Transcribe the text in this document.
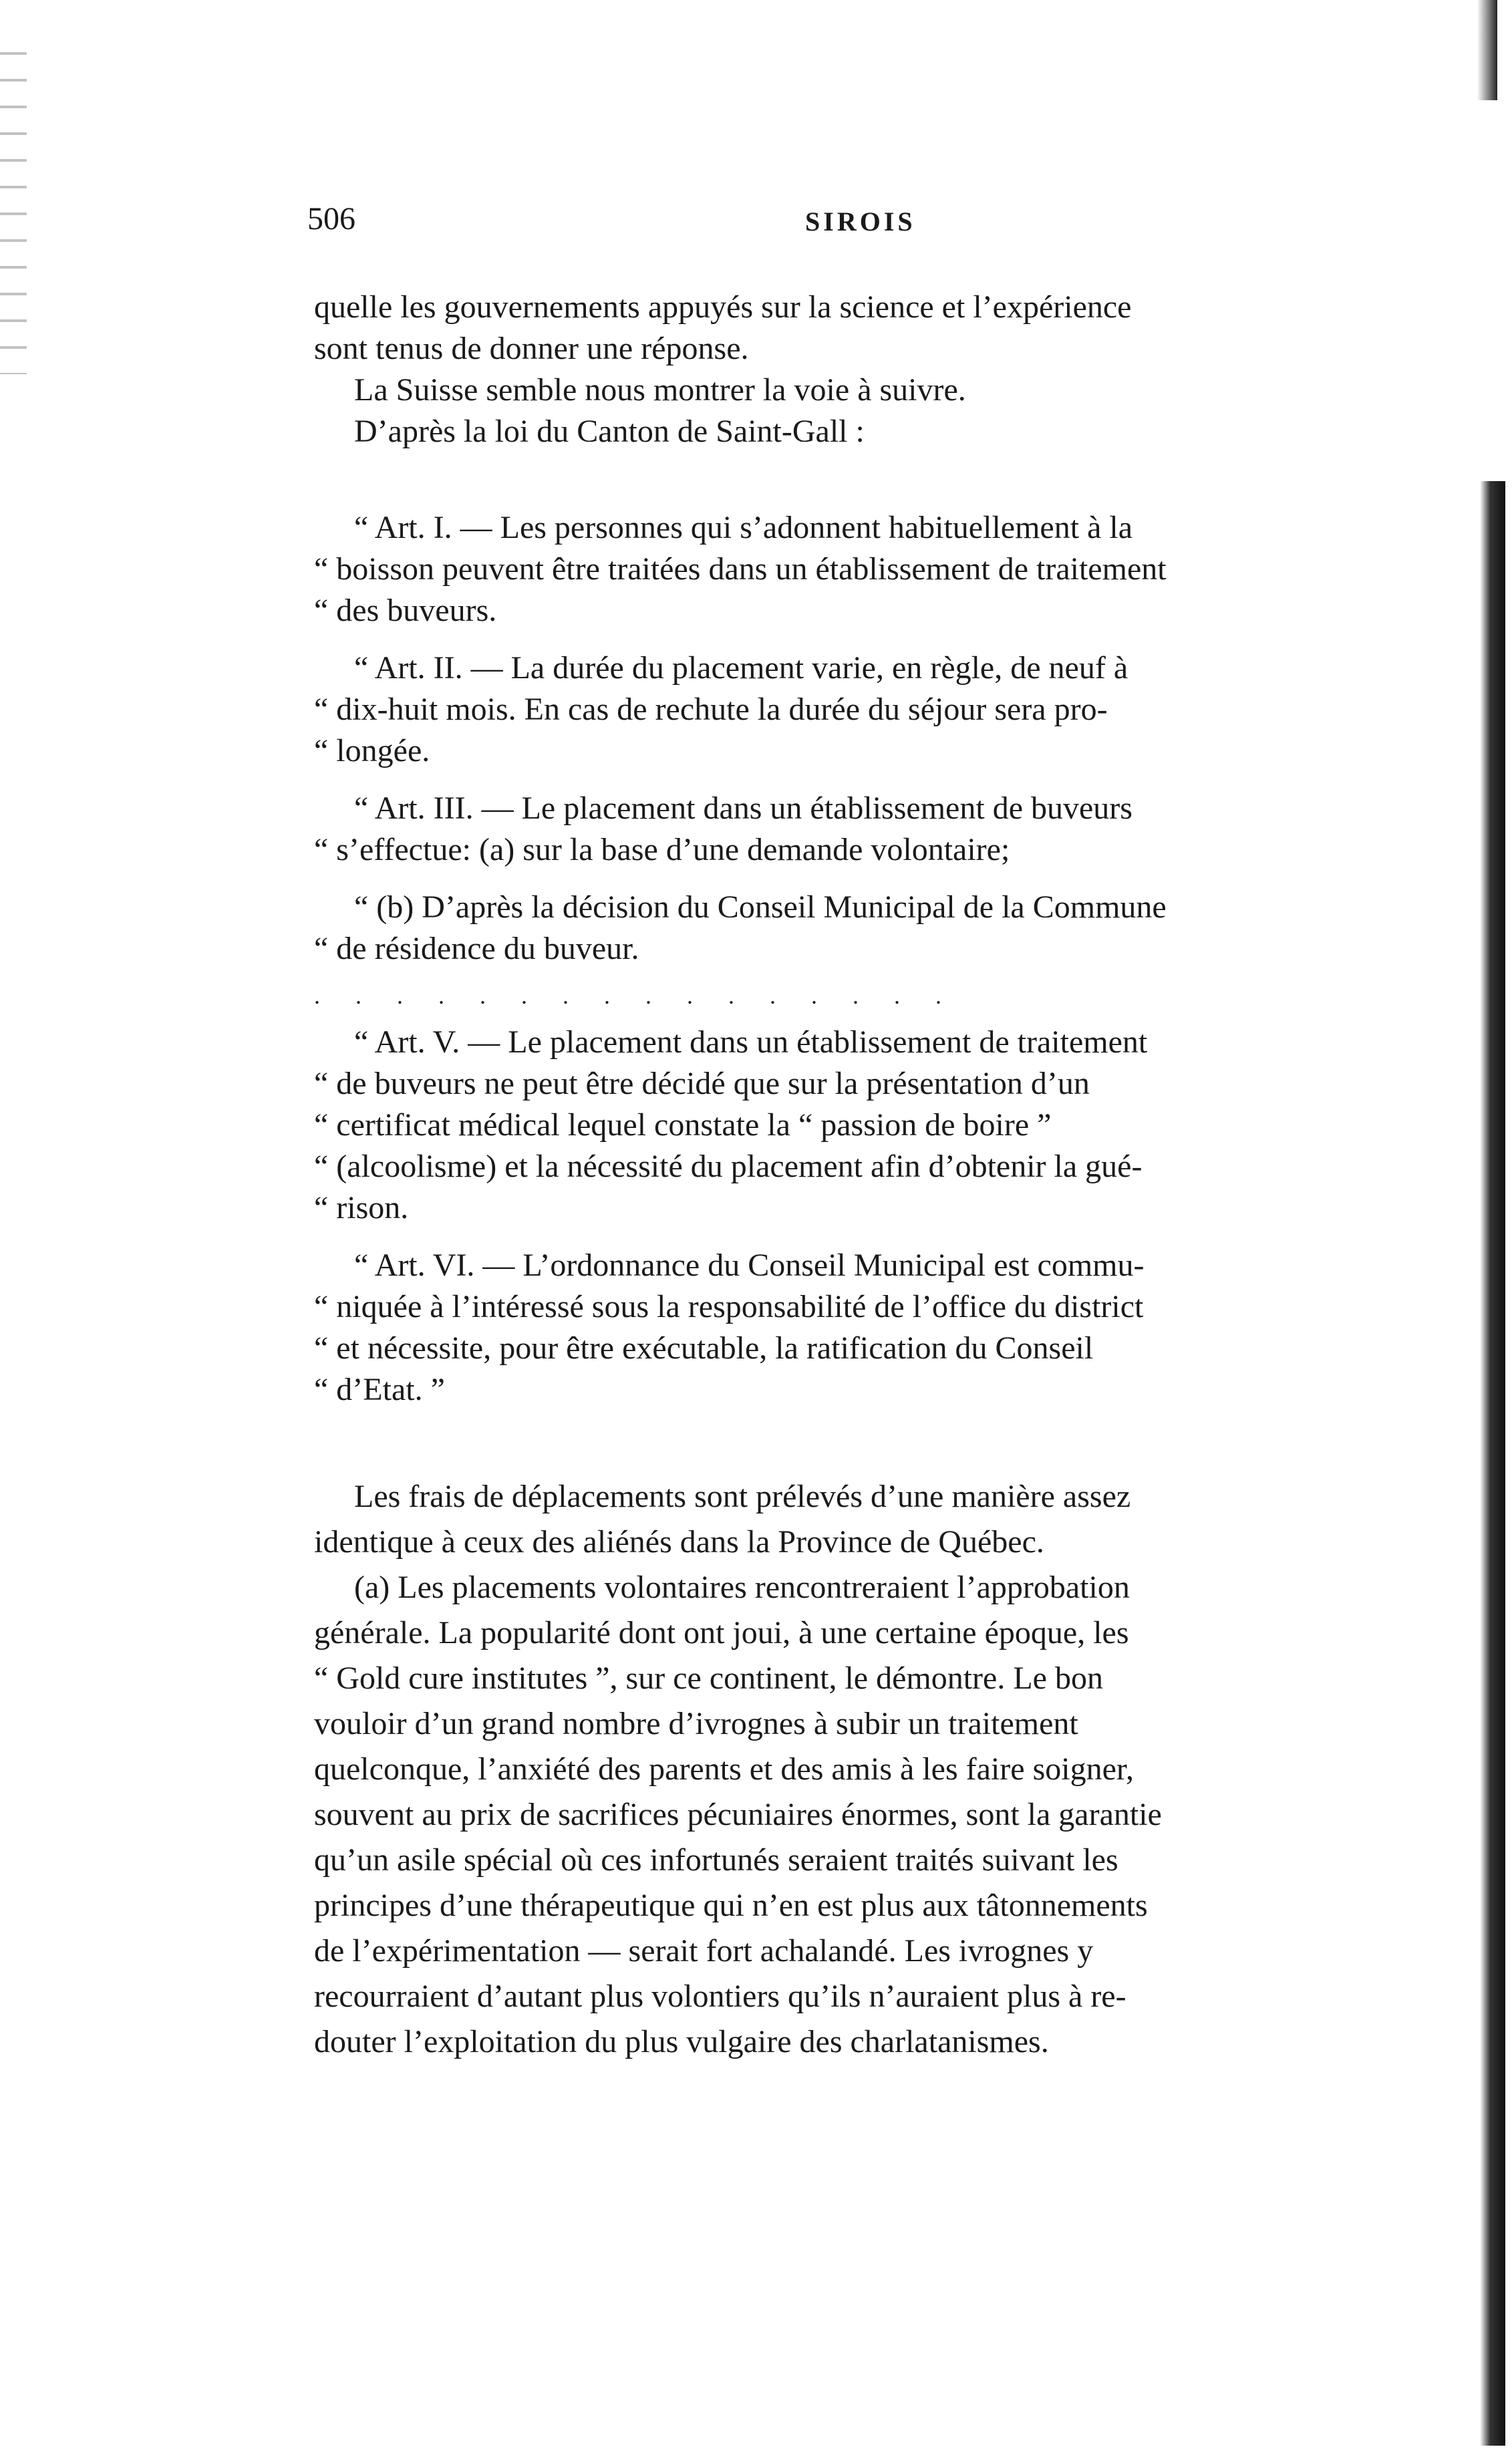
506	SIROIS
quelle les gouvernements appuyés sur la science et l’expérience
sont tenus de donner une réponse.
La Suisse semble nous montrer la voie à suivre.
D’après la loi du Canton de Saint-Gall :
“ Art. I. — Les personnes qui s’adonnent habituellement à la
“ boisson peuvent être traitées dans un établissement de traitement
“ des buveurs.
“ Art. II. — La durée du placement varie, en règle, de neuf à
“ dix-huit mois. En cas de rechute la durée du séjour sera pro-
“ longée.
“ Art. III. — Le placement dans un établissement de buveurs
“ s’effectue: (a) sur la base d’une demande volontaire;
“ (b) D’après la décision du Conseil Municipal de la Commune
“ de résidence du buveur.
. . . . . . . . . . . . . . . .
“ Art. V. — Le placement dans un établissement de traitement
“ de buveurs ne peut être décidé que sur la présentation d’un
“ certificat médical lequel constate la “ passion de boire ”
“ (alcoolisme) et la nécessité du placement afin d’obtenir la gué-
“ rison.
“ Art. VI. — L’ordonnance du Conseil Municipal est commu-
“ niquée à l’intéressé sous la responsabilité de l’office du district
“ et nécessite, pour être exécutable, la ratification du Conseil
“ d’Etat. ”
Les frais de déplacements sont prélevés d’une manière assez
identique à ceux des aliénés dans la Province de Québec.
(a) Les placements volontaires rencontreraient l’approbation
générale. La popularité dont ont joui, à une certaine époque, les
“ Gold cure institutes ”, sur ce continent, le démontre. Le bon
vouloir d’un grand nombre d’ivrognes à subir un traitement
quelconque, l’anxiété des parents et des amis à les faire soigner,
souvent au prix de sacrifices pécuniaires énormes, sont la garantie
qu’un asile spécial où ces infortunés seraient traités suivant les
principes d’une thérapeutique qui n’en est plus aux tâtonnements
de l’expérimentation — serait fort achalandé. Les ivrognes y
recourraient d’autant plus volontiers qu’ils n’auraient plus à re-
douter l’exploitation du plus vulgaire des charlatanismes.
